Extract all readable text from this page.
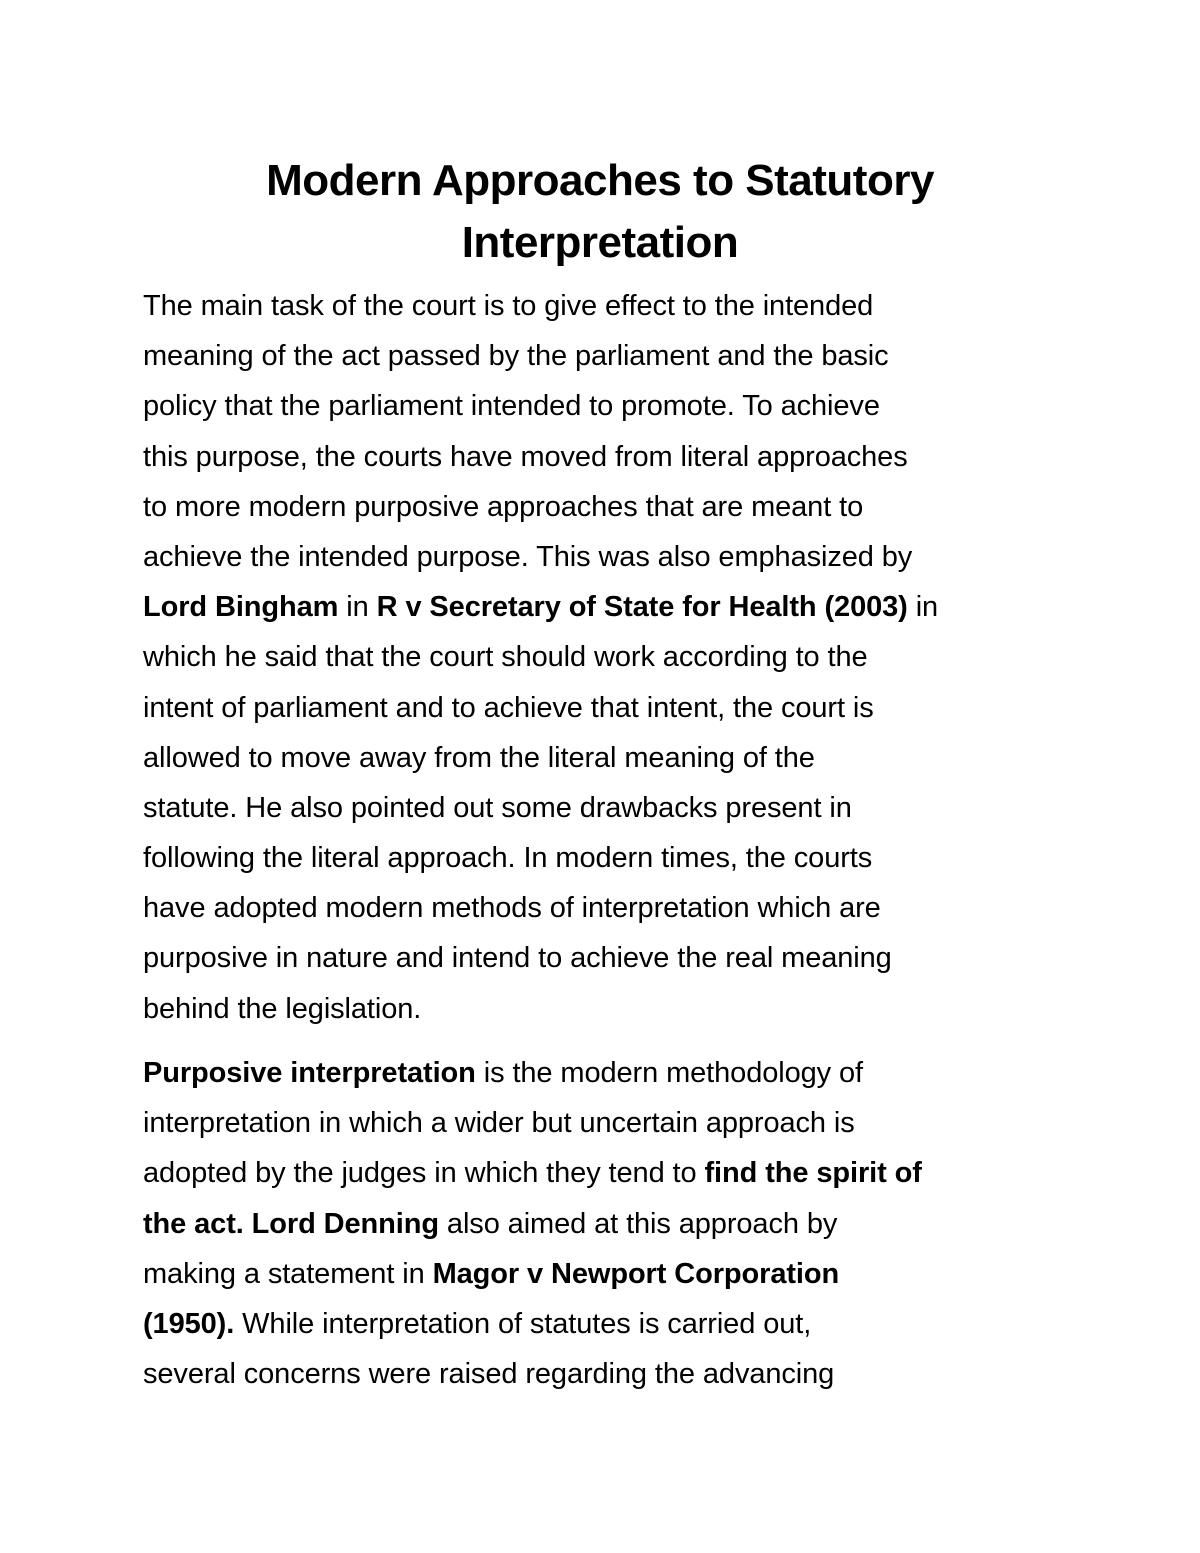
Modern Approaches to Statutory
Interpretation

The main task of the court is to give effect to the intended
meaning of the act passed by the parliament and the basic
policy that the parliament intended to promote. To achieve
this purpose, the courts have moved from literal approaches
to more modern purposive approaches that are meant to
achieve the intended purpose. This was also emphasized by
Lord Bingham in R v Secretary of State for Health (2003) in
which he said that the court should work according to the
intent of parliament and to achieve that intent, the court is
allowed to move away from the literal meaning of the
statute. He also pointed out some drawbacks present in
following the literal approach. In modern times, the courts
have adopted modern methods of interpretation which are
purposive in nature and intend to achieve the real meaning
behind the legislation.

Purposive interpretation is the modern methodology of
interpretation in which a wider but uncertain approach is
adopted by the judges in which they tend to find the spirit of
the act. Lord Denning also aimed at this approach by
making a statement in Magor v Newport Corporation
(1950). While interpretation of statutes is carried out,
several concerns were raised regarding the advancing
